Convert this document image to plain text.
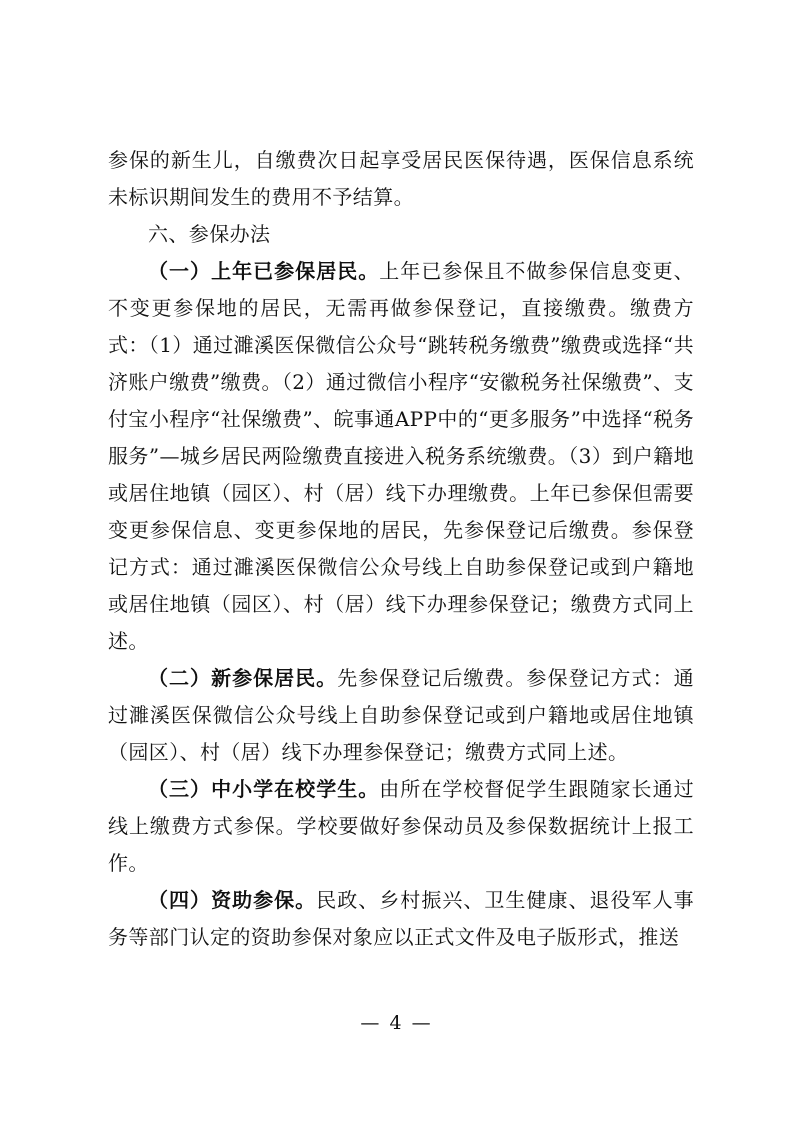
参保的新生儿，自缴费次日起享受居民医保待遇，医保信息系统未标识期间发生的费用不予结算。

六、参保办法

（一）上年已参保居民。上年已参保且不做参保信息变更、不变更参保地的居民，无需再做参保登记，直接缴费。缴费方式：（1）通过濉溪医保微信公众号“跳转税务缴费”缴费或选择“共济账户缴费”缴费。（2）通过微信小程序“安徽税务社保缴费”、支付宝小程序“社保缴费”、皖事通APP中的“更多服务”中选择“税务服务”—城乡居民两险缴费直接进入税务系统缴费。（3）到户籍地或居住地镇（园区）、村（居）线下办理缴费。上年已参保但需要变更参保信息、变更参保地的居民，先参保登记后缴费。参保登记方式：通过濉溪医保微信公众号线上自助参保登记或到户籍地或居住地镇（园区）、村（居）线下办理参保登记；缴费方式同上述。

（二）新参保居民。先参保登记后缴费。参保登记方式：通过濉溪医保微信公众号线上自助参保登记或到户籍地或居住地镇（园区）、村（居）线下办理参保登记；缴费方式同上述。

（三）中小学在校学生。由所在学校督促学生跟随家长通过线上缴费方式参保。学校要做好参保动员及参保数据统计上报工作。

（四）资助参保。民政、乡村振兴、卫生健康、退役军人事务等部门认定的资助参保对象应以正式文件及电子版形式，推送

— 4 —
